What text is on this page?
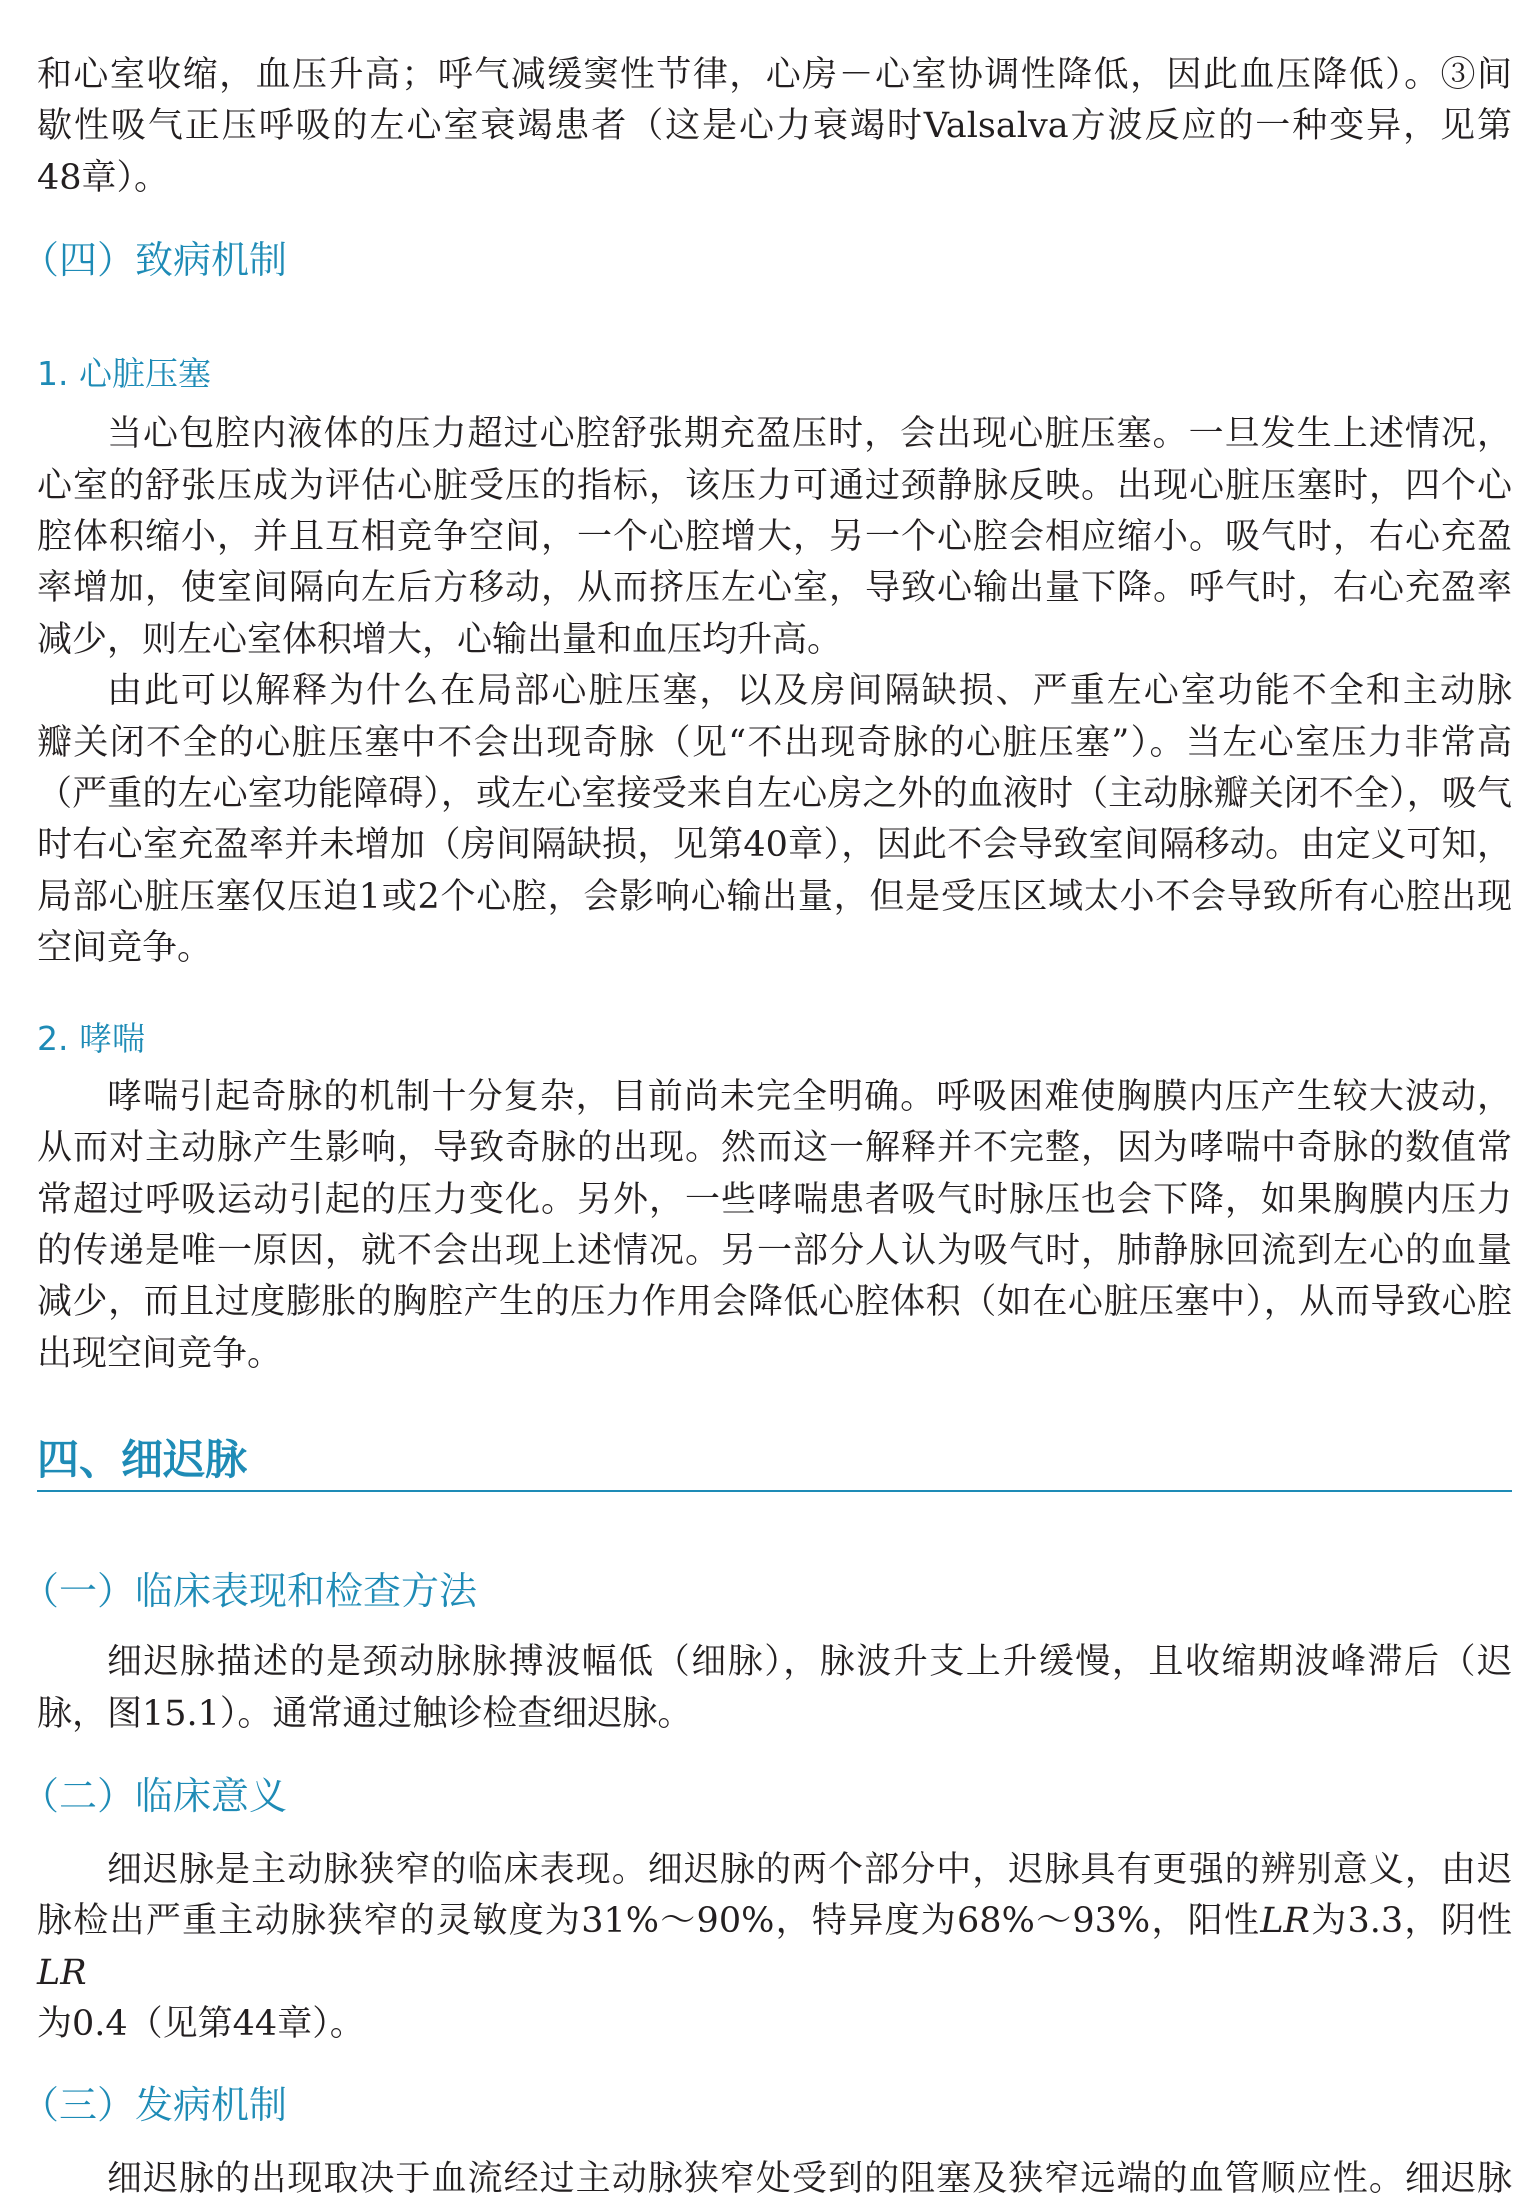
和心室收缩，血压升高；呼气减缓窦性节律，心房－心室协调性降低，因此血压降低）。③间
歇性吸气正压呼吸的左心室衰竭患者（这是心力衰竭时Valsalva方波反应的一种变异，见第
48章）。
（四）致病机制
1. 心脏压塞
当心包腔内液体的压力超过心腔舒张期充盈压时，会出现心脏压塞。一旦发生上述情况，
心室的舒张压成为评估心脏受压的指标，该压力可通过颈静脉反映。出现心脏压塞时，四个心
腔体积缩小，并且互相竞争空间，一个心腔增大，另一个心腔会相应缩小。吸气时，右心充盈
率增加，使室间隔向左后方移动，从而挤压左心室，导致心输出量下降。呼气时，右心充盈率
减少，则左心室体积增大，心输出量和血压均升高。
由此可以解释为什么在局部心脏压塞，以及房间隔缺损、严重左心室功能不全和主动脉
瓣关闭不全的心脏压塞中不会出现奇脉（见“不出现奇脉的心脏压塞”）。当左心室压力非常高
（严重的左心室功能障碍），或左心室接受来自左心房之外的血液时（主动脉瓣关闭不全），吸气
时右心室充盈率并未增加（房间隔缺损，见第40章），因此不会导致室间隔移动。由定义可知，
局部心脏压塞仅压迫1或2个心腔，会影响心输出量，但是受压区域太小不会导致所有心腔出现
空间竞争。
2. 哮喘
哮喘引起奇脉的机制十分复杂，目前尚未完全明确。呼吸困难使胸膜内压产生较大波动，
从而对主动脉产生影响，导致奇脉的出现。然而这一解释并不完整，因为哮喘中奇脉的数值常
常超过呼吸运动引起的压力变化。另外，一些哮喘患者吸气时脉压也会下降，如果胸膜内压力
的传递是唯一原因，就不会出现上述情况。另一部分人认为吸气时，肺静脉回流到左心的血量
减少，而且过度膨胀的胸腔产生的压力作用会降低心腔体积（如在心脏压塞中），从而导致心腔
出现空间竞争。
四、细迟脉
（一）临床表现和检查方法
细迟脉描述的是颈动脉脉搏波幅低（细脉），脉波升支上升缓慢，且收缩期波峰滞后（迟
脉，图15.1）。通常通过触诊检查细迟脉。
（二）临床意义
细迟脉是主动脉狭窄的临床表现。细迟脉的两个部分中，迟脉具有更强的辨别意义，由迟
脉检出严重主动脉狭窄的灵敏度为31%～90%，特异度为68%～93%，阳性LR为3.3，阴性LR
为0.4（见第44章）。
（三）发病机制
细迟脉的出现取决于血流经过主动脉狭窄处受到的阻塞及狭窄远端的血管顺应性。细迟脉
